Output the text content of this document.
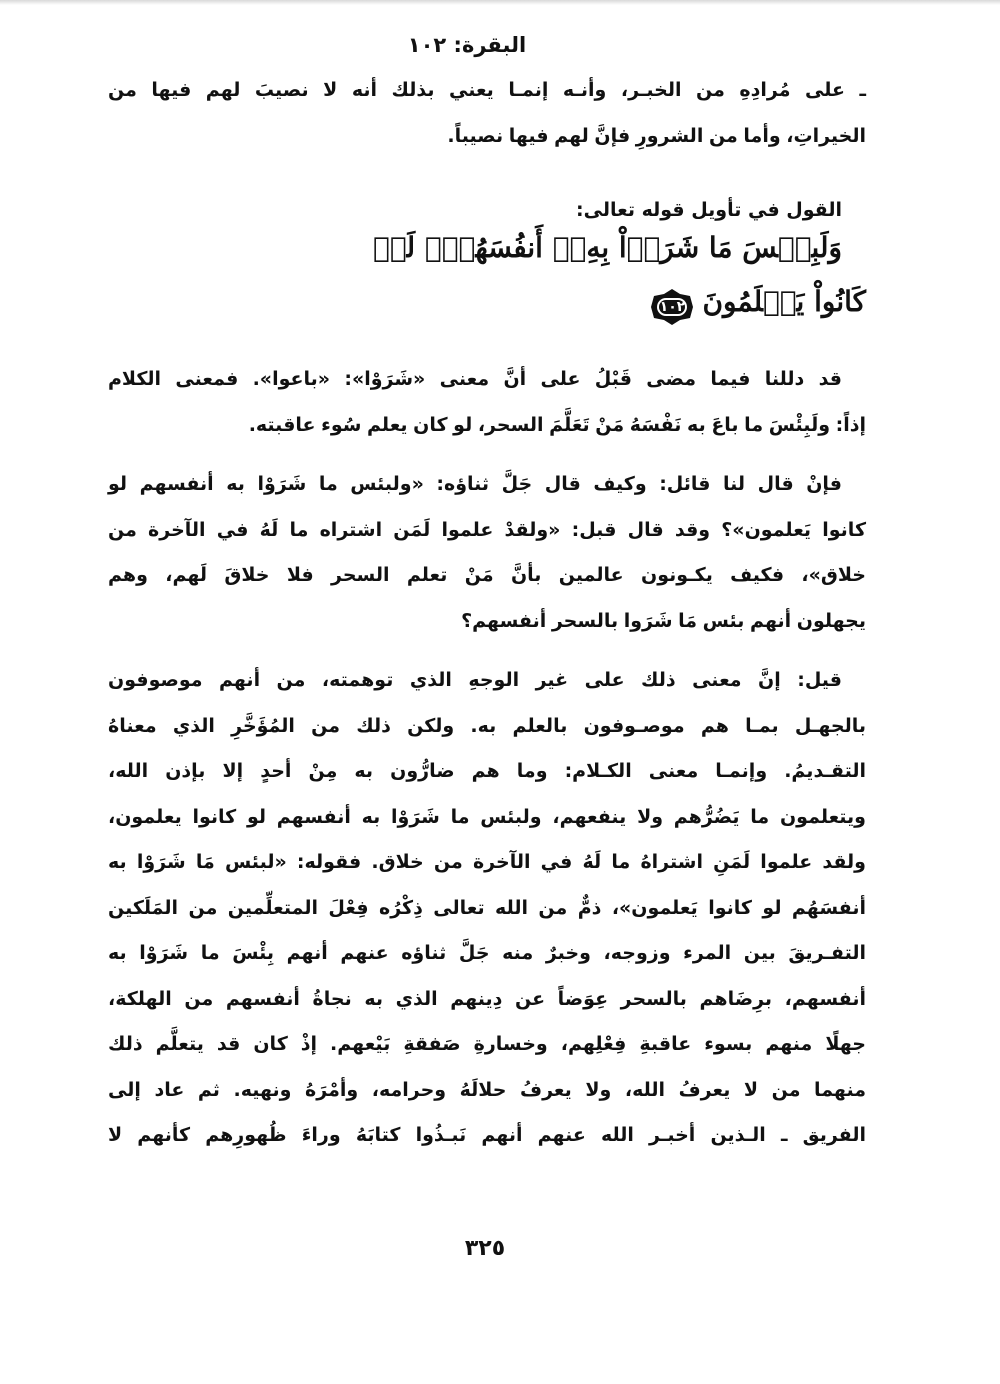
البقرة: ١٠٢
ـ على مُرادِهِ من الخبـر، وأنـه إنمـا يعني بذلك أنه لا نصيبَ لهم فيها من
الخيراتِ، وأما من الشرورِ فإنَّ لهم فيها نصيباً.
القول في تأويل قوله تعالى:
وَلَبِئۡسَ مَا شَرَوۡاْ بِهِۦٓ أَنفُسَهُمۡۚ لَوۡ
كَانُواْ يَعۡلَمُونَ
١٠٢
قد دللنا فيما مضى قَبْلُ على أنَّ معنى «شَرَوْا»: «باعوا». فمعنى الكلام
إذاً: ولَبِئْسَ ما باعَ به نَفْسَهُ مَنْ تَعَلَّمَ السحر، لو كان يعلم سُوء عاقبته.
فإنْ قال لنا قائل: وكيف قال جَلَّ ثناؤه: «ولبئس ما شَرَوْا به أنفسهم لو
كانوا يَعلمون»؟ وقد قال قبل: «ولقدْ علموا لَمَن اشتراه ما لَهُ في الآخرة من
خلاق»، فكيف يكـونون عالمين بأنَّ مَنْ تعلم السحر فلا خلاقَ لَهم، وهم
يجهلون أنهم بئس مَا شَرَوا بالسحر أنفسهم؟
قيل: إنَّ معنى ذلك على غير الوجهِ الذي توهمته، من أنهم موصوفون
بالجهـل بمـا هم موصـوفون بالعلم به. ولكن ذلك من المُؤَخَّرِ الذي معناهُ
التقـديمُ. وإنمـا معنى الكـلام: وما هم ضارُّون به مِنْ أحدٍ إلا بإذن الله،
ويتعلمون ما يَضُرُّهم ولا ينفعهم، ولبئس ما شَرَوْا به أنفسهم لو كانوا يعلمون،
ولقد علموا لَمَنِ اشتراهُ ما لَهُ في الآخرة من خلاق. فقوله: «لبئس مَا شَرَوْا به
أنفسَهُم لو كانوا يَعلمون»، ذمٌّ من الله تعالى ذِكْرُه فِعْلَ المتعلِّمين من المَلَكين
التفـريقَ بين المرء وزوجه، وخبرٌ منه جَلَّ ثناؤه عنهم أنهم بِئْسَ ما شَرَوْا به
أنفسهم، برِضَاهم بالسحر عِوَضاً عن دِينهم الذي به نجاةُ أنفسهم من الهلكة،
جهلًا منهم بسوء عاقبةِ فِعْلِهم، وخسارةِ صَفقةِ بَيْعهم. إذْ كان قد يتعلَّم ذلك
منهما من لا يعرفُ الله، ولا يعرفُ حلالَهُ وحرامه، وأمْرَهُ ونهيه. ثم عاد إلى
الفريق ـ الـذين أخبـر الله عنهم أنهم نَبـذُوا كتابَهُ وراءَ ظُهورِهم كأنهم لا
٣٢٥
